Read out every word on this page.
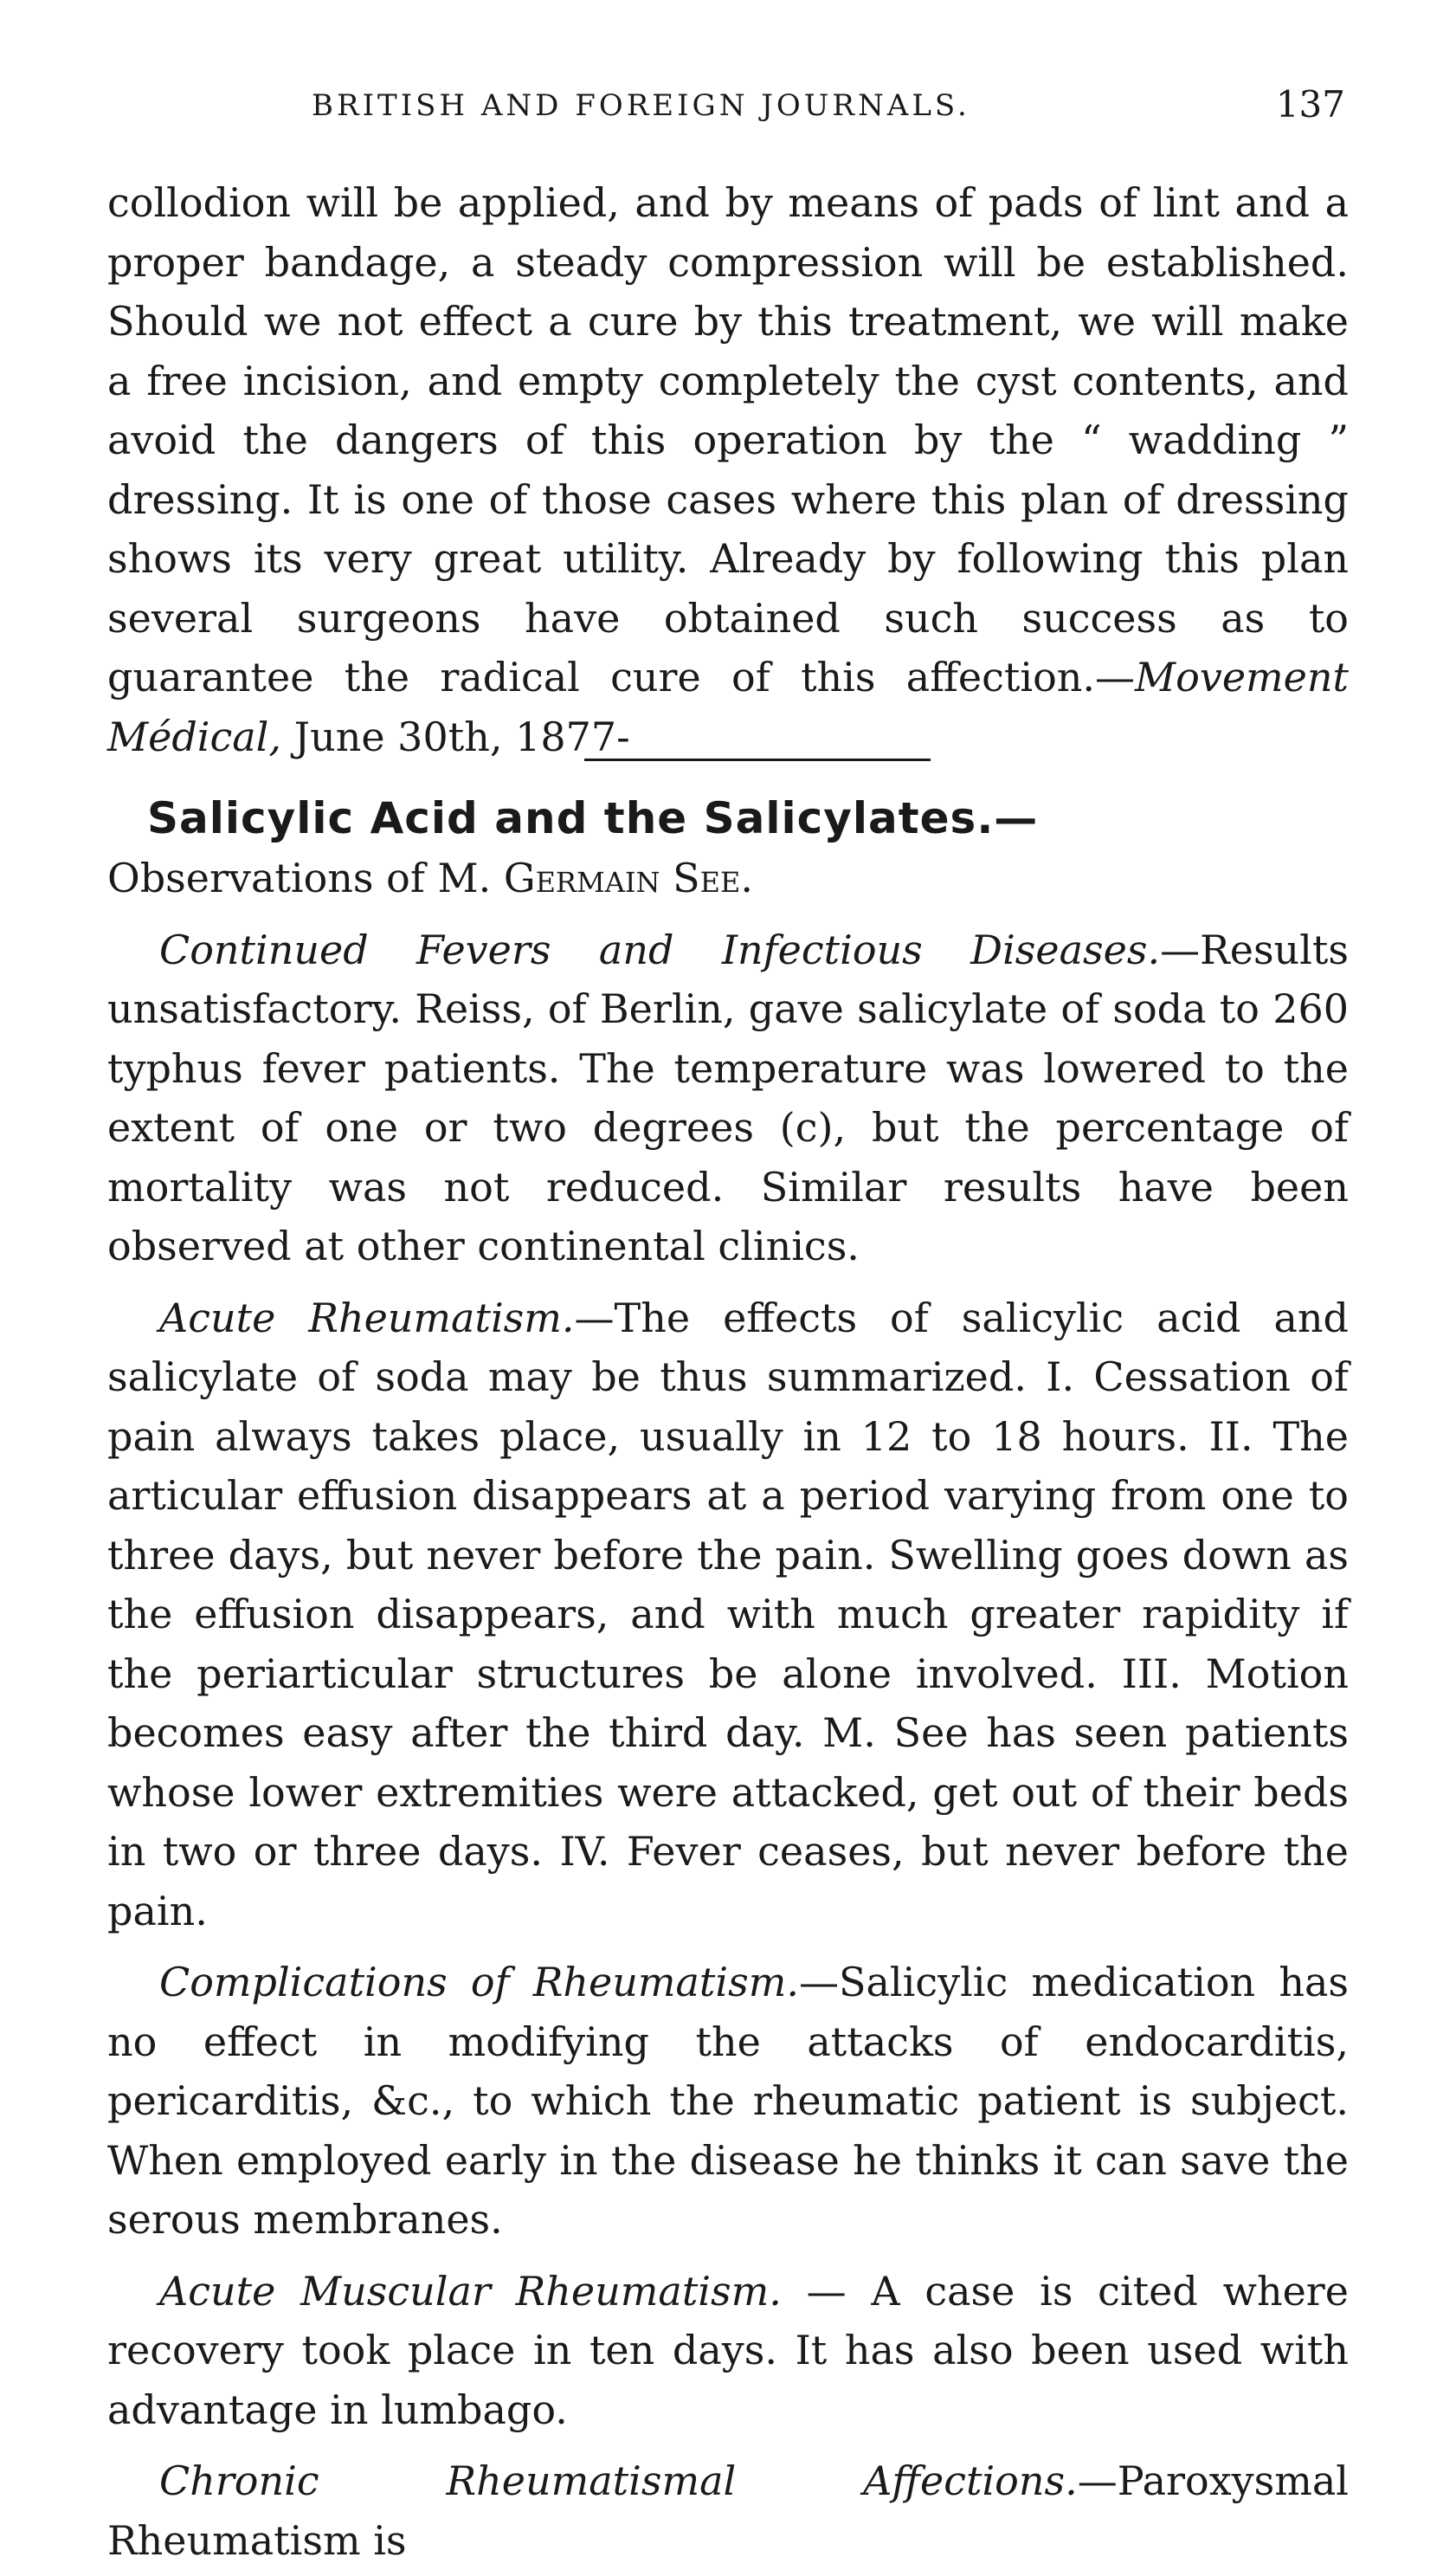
BRITISH AND FOREIGN JOURNALS.	137

collodion will be applied, and by means of pads of lint and a proper bandage, a steady compression will be established. Should we not effect a cure by this treatment, we will make a free incision, and empty completely the cyst contents, and avoid the dangers of this operation by the “ wadding ” dressing. It is one of those cases where this plan of dressing shows its very great utility. Already by following this plan several surgeons have obtained such success as to guarantee the radical cure of this affection.—Movement Médical, June 30th, 1877-

Salicylic Acid and the Salicylates.—

Observations of M. Germain See.

Continued Fevers and Infectious Diseases.—Results unsatisfactory. Reiss, of Berlin, gave salicylate of soda to 260 typhus fever patients. The temperature was lowered to the extent of one or two degrees (c), but the percentage of mortality was not reduced. Similar results have been observed at other continental clinics.

Acute Rheumatism.—The effects of salicylic acid and salicylate of soda may be thus summarized. I. Cessation of pain always takes place, usually in 12 to 18 hours. II. The articular effusion disappears at a period varying from one to three days, but never before the pain. Swelling goes down as the effusion disappears, and with much greater rapidity if the periarticular structures be alone involved. III. Motion becomes easy after the third day. M. See has seen patients whose lower extremities were attacked, get out of their beds in two or three days. IV. Fever ceases, but never before the pain.

Complications of Rheumatism.—Salicylic medication has no effect in modifying the attacks of endocarditis, pericarditis, &c., to which the rheumatic patient is subject. When employed early in the disease he thinks it can save the serous membranes.

Acute Muscular Rheumatism. — A case is cited where recovery took place in ten days. It has also been used with advantage in lumbago.

Chronic Rheumatismal Affections.—Paroxysmal Rheumatism is
